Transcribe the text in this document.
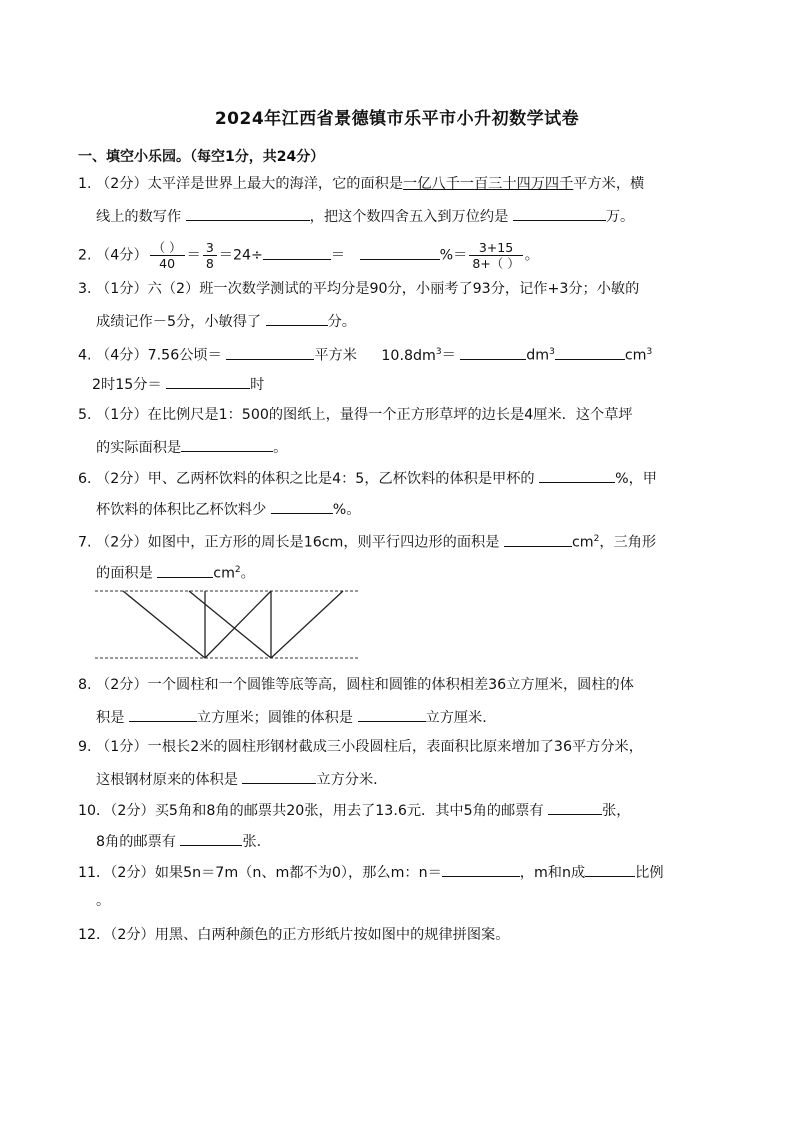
2024年江西省景德镇市乐平市小升初数学试卷
一、填空小乐园。（每空1分，共24分）
1. （2分）太平洋是世界上最大的海洋，它的面积是一亿八千一百三十四万四千平方米，横
线上的数写作	，把这个数四舍五入到万位约是	万。
2. （4分） $\frac{( )}{40} = \frac{3}{8} =24\div$	＝	%＝ $\frac{3+15}{8+( )}$ 。
3. （1分）六（2）班一次数学测试的平均分是90分，小丽考了93分，记作+3分；小敏的
成绩记作－5分，小敏得了	分。
4. （4分）7.56公顷＝	平方米 $10.8dm^3=$	$dm^3$	$cm^3$
2时15分＝	时
5. （1分）在比例尺是1：500的图纸上，量得一个正方形草坪的边长是4厘米．这个草坪
的实际面积是	。
6. （2分）甲、乙两杯饮料的体积之比是4：5，乙杯饮料的体积是甲杯的	%，甲
杯饮料的体积比乙杯饮料少	%。
7. （2分）如图中，正方形的周长是16cm，则平行四边形的面积是	$cm^2$，三角形
的面积是	$cm^2$。
8. （2分）一个圆柱和一个圆锥等底等高，圆柱和圆锥的体积相差36立方厘米，圆柱的体
积是	立方厘米；圆锥的体积是	立方厘米.
9. （1分）一根长2米的圆柱形钢材截成三小段圆柱后，表面积比原来增加了36平方分米，
这根钢材原来的体积是	立方分米.
10．（2分）买5角和8角的邮票共20张，用去了13.6元．其中5角的邮票有	张，
8角的邮票有	张.
11．（2分）如果5n＝7m（n、m都不为0），那么m：n＝	，m和n成	比例
。
12．（2分）用黑、白两种颜色的正方形纸片按如图中的规律拼图案。
